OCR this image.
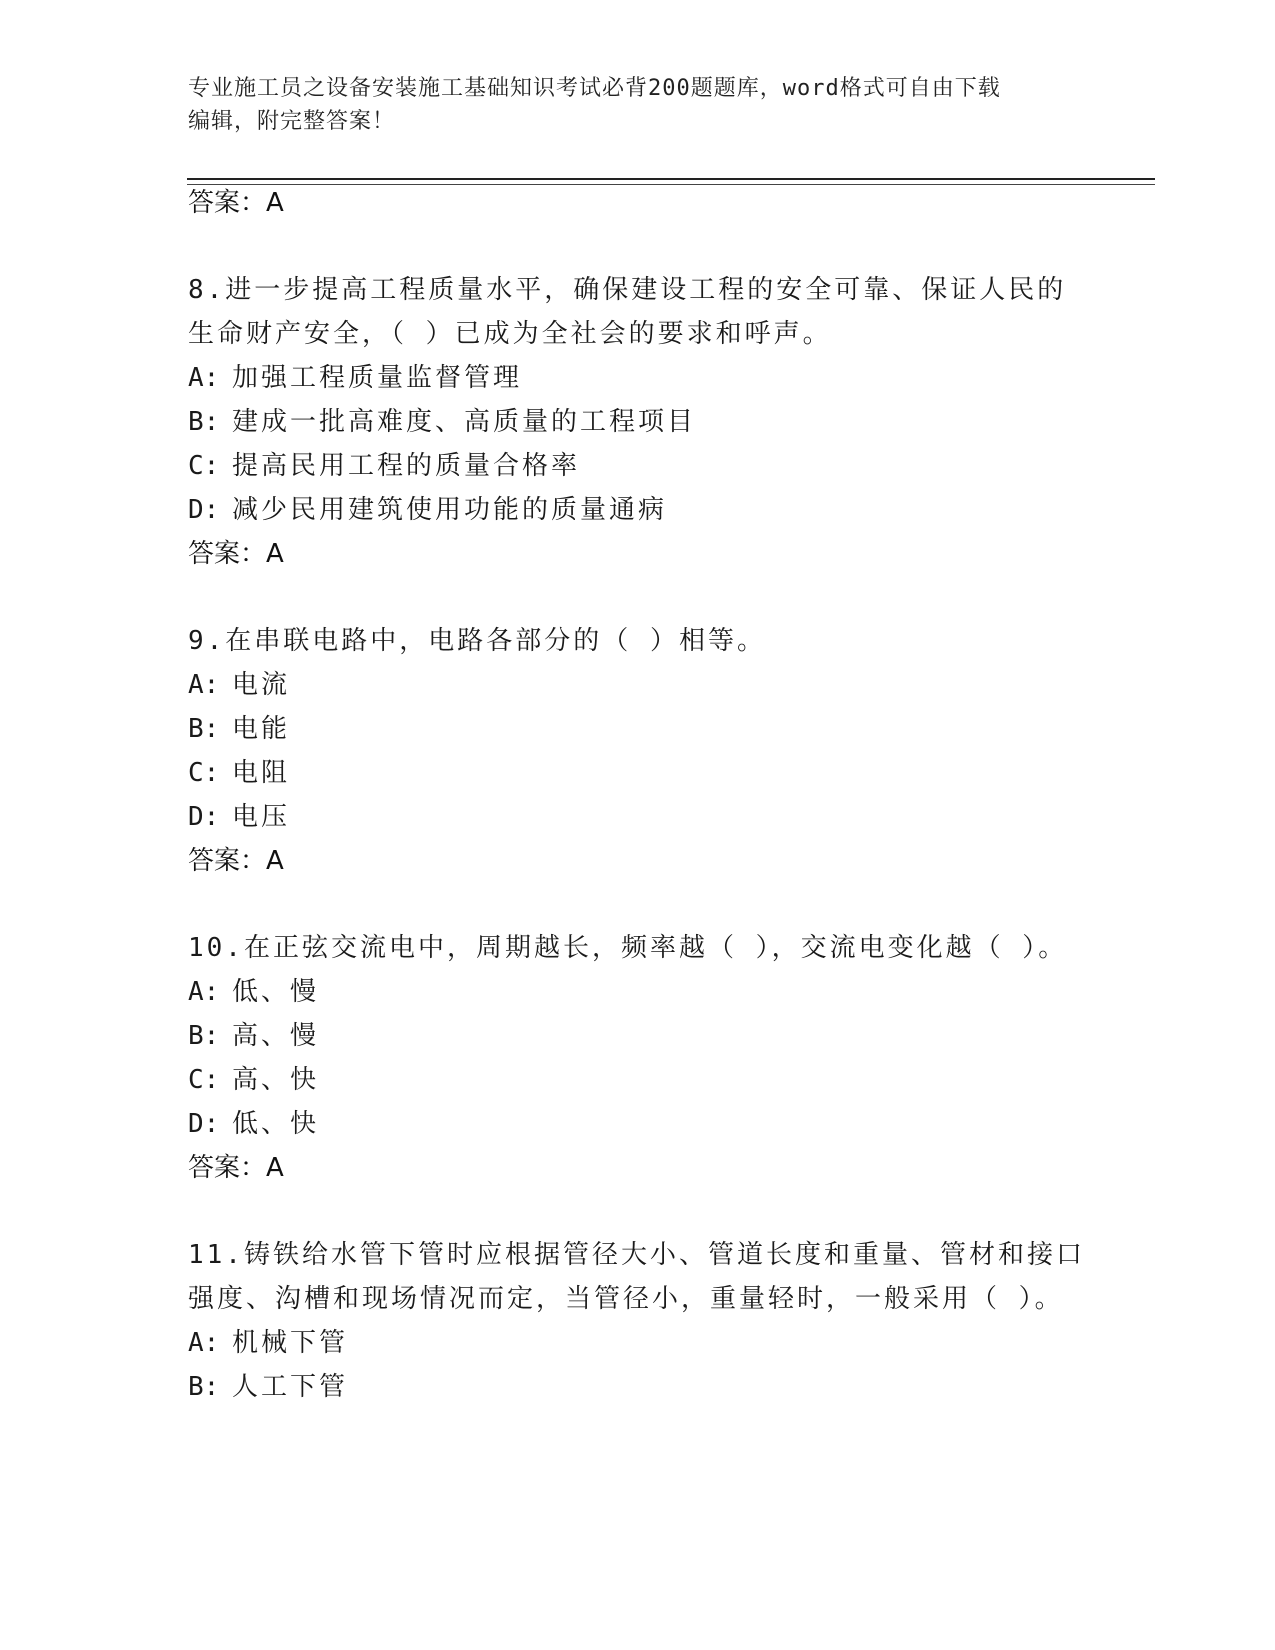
专业施工员之设备安装施工基础知识考试必背200题题库，word格式可自由下载
编辑，附完整答案！
答案：A
8.进一步提高工程质量水平，确保建设工程的安全可靠、保证人民的
生命财产安全，（ ）已成为全社会的要求和呼声。
A: 加强工程质量监督管理
B: 建成一批高难度、高质量的工程项目
C: 提高民用工程的质量合格率
D: 减少民用建筑使用功能的质量通病
答案：A
9.在串联电路中，电路各部分的（ ）相等。
A: 电流
B: 电能
C: 电阻
D: 电压
答案：A
10.在正弦交流电中，周期越长，频率越（ ），交流电变化越（ ）。
A: 低、慢
B: 高、慢
C: 高、快
D: 低、快
答案：A
11.铸铁给水管下管时应根据管径大小、管道长度和重量、管材和接口
强度、沟槽和现场情况而定，当管径小，重量轻时，一般采用（ ）。
A: 机械下管
B: 人工下管
